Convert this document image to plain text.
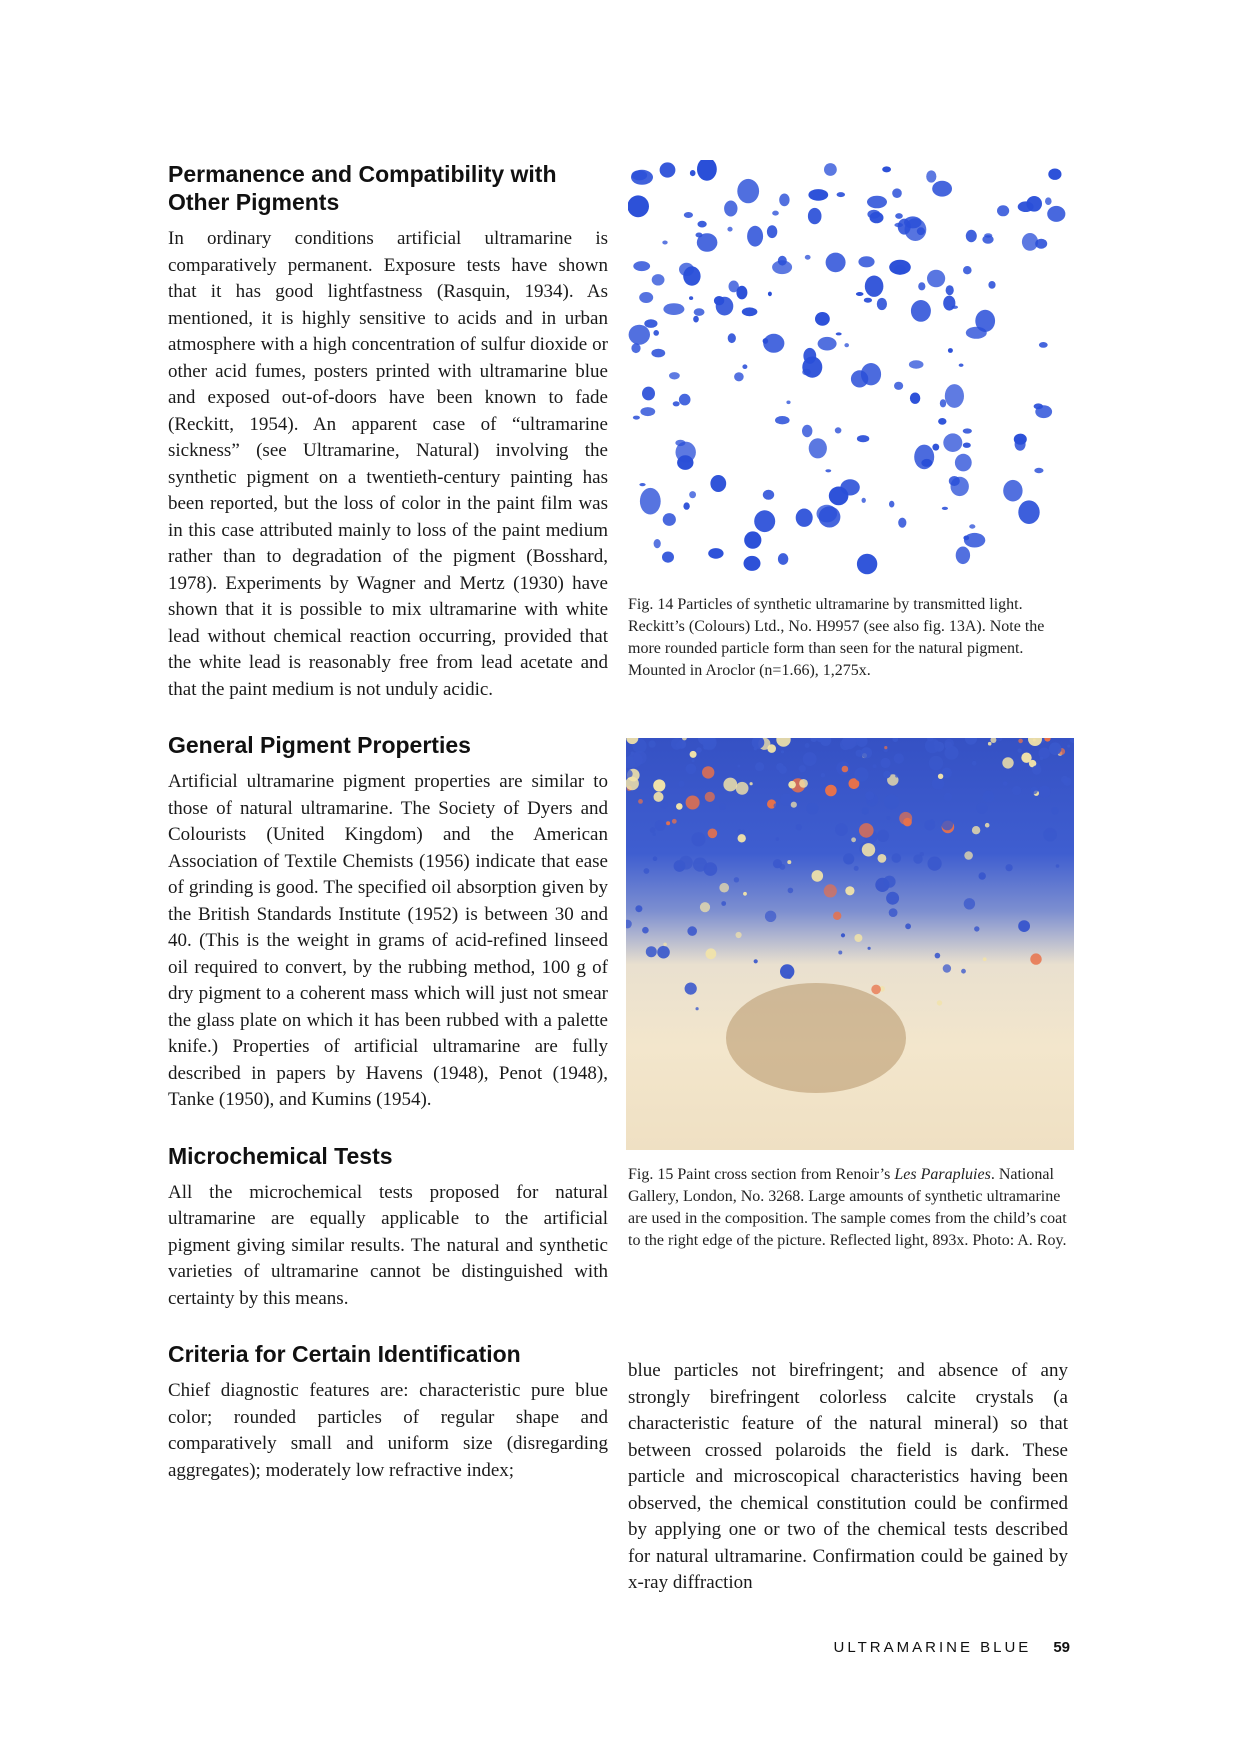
Permanence and Compatibility with Other Pigments

In ordinary conditions artificial ultramarine is comparatively permanent. Exposure tests have shown that it has good lightfastness (Rasquin, 1934). As mentioned, it is highly sensitive to acids and in urban atmosphere with a high concentration of sulfur dioxide or other acid fumes, posters printed with ultramarine blue and exposed out-of-doors have been known to fade (Reckitt, 1954). An apparent case of “ultramarine sickness” (see Ultramarine, Natural) involving the synthetic pigment on a twentieth-century painting has been reported, but the loss of color in the paint film was in this case attributed mainly to loss of the paint medium rather than to degradation of the pigment (Bosshard, 1978). Experiments by Wagner and Mertz (1930) have shown that it is possible to mix ultramarine with white lead without chemical reaction occurring, provided that the white lead is reasonably free from lead acetate and that the paint medium is not unduly acidic.

General Pigment Properties

Artificial ultramarine pigment properties are similar to those of natural ultramarine. The Society of Dyers and Colourists (United Kingdom) and the American Association of Textile Chemists (1956) indicate that ease of grinding is good. The specified oil absorption given by the British Standards Institute (1952) is between 30 and 40. (This is the weight in grams of acid-refined linseed oil required to convert, by the rubbing method, 100 g of dry pigment to a coherent mass which will just not smear the glass plate on which it has been rubbed with a palette knife.) Properties of artificial ultramarine are fully described in papers by Havens (1948), Penot (1948), Tanke (1950), and Kumins (1954).

Microchemical Tests

All the microchemical tests proposed for natural ultramarine are equally applicable to the artificial pigment giving similar results. The natural and synthetic varieties of ultramarine cannot be distinguished with certainty by this means.

Criteria for Certain Identification

Chief diagnostic features are: characteristic pure blue color; rounded particles of regular shape and comparatively small and uniform size (disregarding aggregates); moderately low refractive index;

Fig. 14 Particles of synthetic ultramarine by transmitted light. Reckitt’s (Colours) Ltd., No. H9957 (see also fig. 13A). Note the more rounded particle form than seen for the natural pigment. Mounted in Aroclor (n=1.66), 1,275x.
Fig. 15 Paint cross section from Renoir’s Les Parapluies. National Gallery, London, No. 3268. Large amounts of synthetic ultramarine are used in the composition. The sample comes from the child’s coat to the right edge of the picture. Reflected light, 893x. Photo: A. Roy.

blue particles not birefringent; and absence of any strongly birefringent colorless calcite crystals (a characteristic feature of the natural mineral) so that between crossed polaroids the field is dark. These particle and microscopical characteristics having been observed, the chemical constitution could be confirmed by applying one or two of the chemical tests described for natural ultramarine. Confirmation could be gained by x-ray diffraction

ULTRAMARINE BLUE 59
